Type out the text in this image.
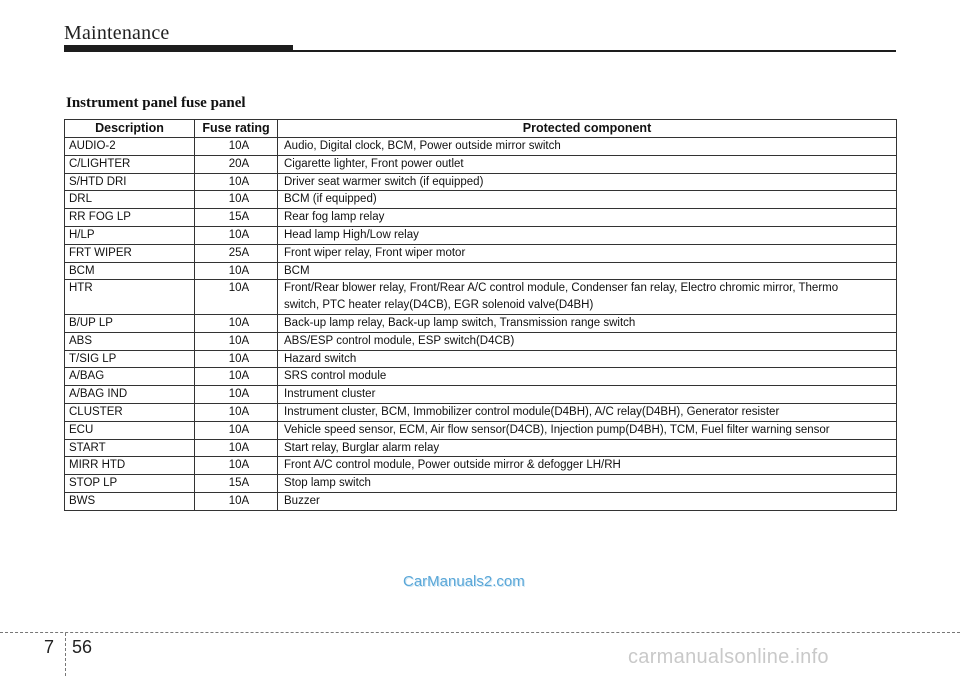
Maintenance
Instrument panel fuse panel
Description	Fuse rating	Protected component
AUDIO-2	10A	Audio, Digital clock, BCM, Power outside mirror switch

C/LIGHTER	20A	Cigarette lighter, Front power outlet

S/HTD DRI	10A	Driver seat warmer switch (if equipped)

DRL	10A	BCM (if equipped)

RR FOG LP	15A	Rear fog lamp relay

H/LP	10A	Head lamp High/Low relay

FRT WIPER	25A	Front wiper relay, Front wiper motor

BCM	10A	BCM

HTR	10A	Front/Rear blower relay, Front/Rear A/C control module, Condenser fan relay, Electro chromic mirror, Thermo
switch, PTC heater relay(D4CB), EGR solenoid valve(D4BH)

B/UP LP	10A	Back-up lamp relay, Back-up lamp switch, Transmission range switch

ABS	10A	ABS/ESP control module, ESP switch(D4CB)

T/SIG LP	10A	Hazard switch

A/BAG	10A	SRS control module

A/BAG IND	10A	Instrument cluster

CLUSTER	10A	Instrument cluster, BCM, Immobilizer control module(D4BH), A/C relay(D4BH), Generator resister

ECU	10A	Vehicle speed sensor, ECM, Air flow sensor(D4CB), Injection pump(D4BH), TCM, Fuel filter warning sensor

START	10A	Start relay, Burglar alarm relay

MIRR HTD	10A	Front A/C control module, Power outside mirror & defogger LH/RH

STOP LP	15A	Stop lamp switch

BWS	10A	Buzzer
CarManuals2.com
7 56	carmanualsonline.info
